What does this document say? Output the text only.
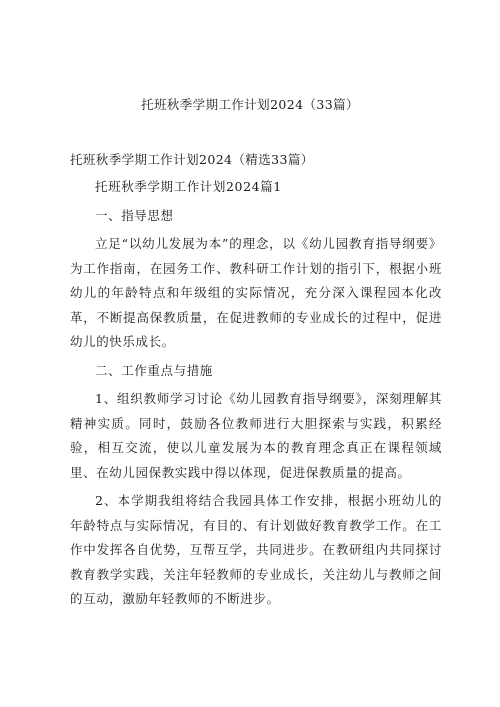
托班秋季学期工作计划2024（33篇）
托班秋季学期工作计划2024（精选33篇）

托班秋季学期工作计划2024篇1

一、指导思想

立足“以幼儿发展为本”的理念，以《幼儿园教育指导纲要》为工作指南，在园务工作、教科研工作计划的指引下，根据小班幼儿的年龄特点和年级组的实际情况，充分深入课程园本化改革，不断提高保教质量，在促进教师的专业成长的过程中，促进幼儿的快乐成长。

二、工作重点与措施

1、组织教师学习讨论《幼儿园教育指导纲要》，深刻理解其精神实质。同时，鼓励各位教师进行大胆探索与实践，积累经验，相互交流，使以儿童发展为本的教育理念真正在课程领域里、在幼儿园保教实践中得以体现，促进保教质量的提高。

2、本学期我组将结合我园具体工作安排，根据小班幼儿的年龄特点与实际情况，有目的、有计划做好教育教学工作。在工作中发挥各自优势，互帮互学，共同进步。在教研组内共同探讨教育教学实践，关注年轻教师的专业成长，关注幼儿与教师之间的互动，激励年轻教师的不断进步。
